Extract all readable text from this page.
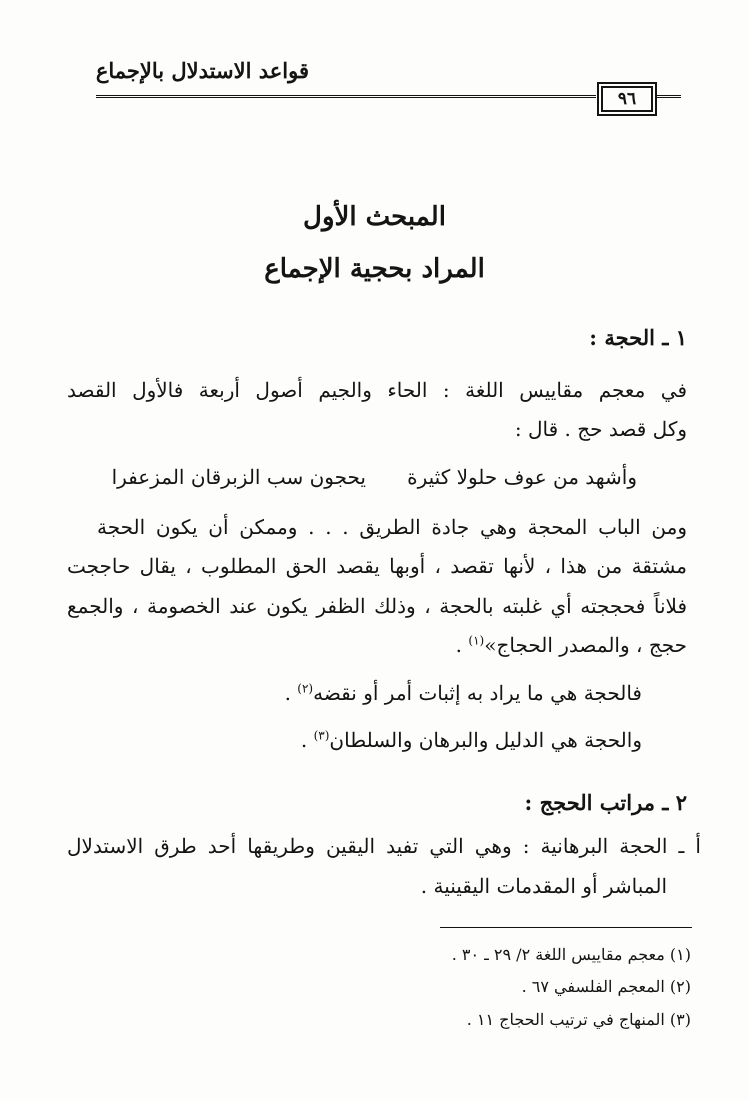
قواعد الاستدلال بالإجماع
٩٦
المبحث الأول
المراد بحجية الإجماع
١ ـ الحجة :
في معجم مقاييس اللغة : الحاء والجيم أصول أربعة فالأول القصد
وكل قصد حج . قال :
وأشهد من عوف حلولا كثيرة
يحجون سب الزبرقان المزعفرا
ومن الباب المحجة وهي جادة الطريق . . . وممكن أن يكون الحجة
مشتقة من هذا ، لأنها تقصد ، أوبها يقصد الحق المطلوب ، يقال حاججت
فلاناً فحججته أي غلبته بالحجة ، وذلك الظفر يكون عند الخصومة ، والجمع
حجج ، والمصدر الحجاج»$^{(١)}$ .
فالحجة هي ما يراد به إثبات أمر أو نقضه$^{(٢)}$ .
والحجة هي الدليل والبرهان والسلطان$^{(٣)}$ .
٢ ـ مراتب الحجج :
أ ـ الحجة البرهانية : وهي التي تفيد اليقين وطريقها أحد طرق الاستدلال
المباشر أو المقدمات اليقينية .
(١) معجم مقاييس اللغة ٢/ ٢٩ ـ ٣٠ .
(٢) المعجم الفلسفي ٦٧ .
(٣) المنهاج في ترتيب الحجاج ١١ .
